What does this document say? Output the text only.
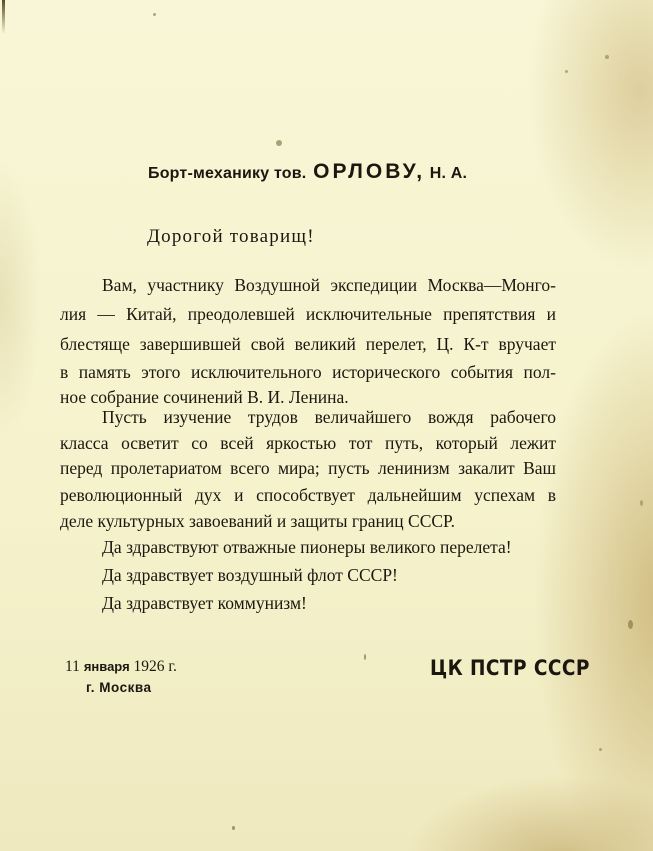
Борт-механику тов. ОРЛОВУ, Н. А.
Дорогой товарищ!
Вам, участнику Воздушной экспедиции Москва—Монго-
лия — Китай, преодолевшей исключительные препятствия и
блестяще завершившей свой великий перелет, Ц. К-т вручает
в память этого исключительного исторического события пол-
ное собрание сочинений В. И. Ленина.
Пусть изучение трудов величайшего вождя рабочего
класса осветит со всей яркостью тот путь, который лежит
перед пролетариатом всего мира; пусть ленинизм закалит Ваш
революционный дух и способствует дальнейшим успехам в
деле культурных завоеваний и защиты границ СССР.
Да здравствуют отважные пионеры великого перелета!
Да здравствует воздушный флот СССР!
Да здравствует коммунизм!
11 января 1926 г.
г. Москва
ЦК ПСТР СССР
